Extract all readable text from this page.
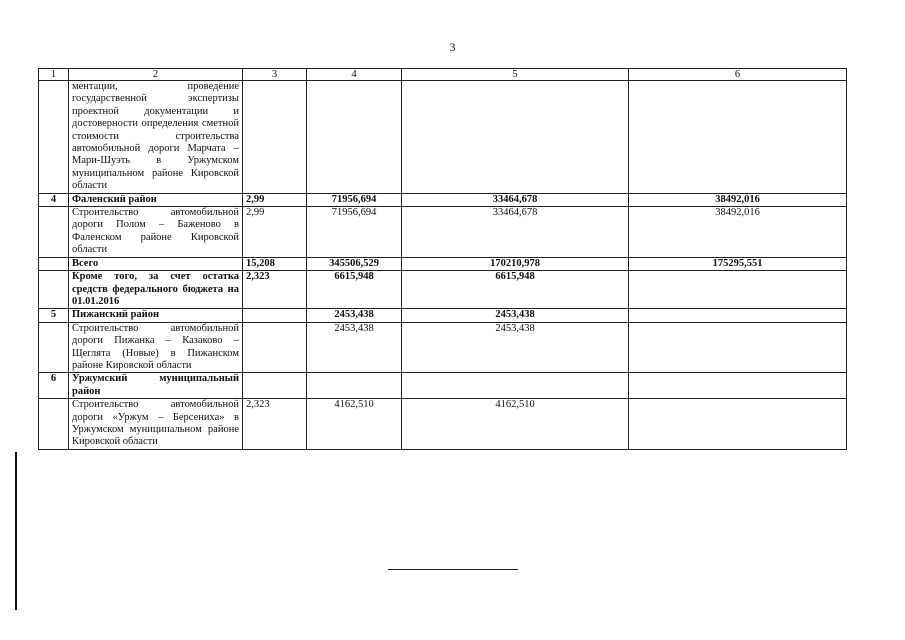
3
1	2	3	4	5	6
	ментации, проведение государственной экспертизы проектной документации и достоверности определения сметной стоимости строительства автомобильной дороги Марчата – Мари-Шуэть в Уржумском муниципальном районе Кировской области				
4	Фаленский район	2,99	71956,694	33464,678	38492,016
	Строительство автомобильной дороги Полом – Баженово в Фаленском районе Кировской области	2,99	71956,694	33464,678	38492,016
	Всего	15,208	345506,529	170210,978	175295,551
	Кроме того, за счет остатка средств федерального бюджета на 01.01.2016	2,323	6615,948	6615,948	
5	Пижанский район		2453,438	2453,438	
	Строительство автомобильной дороги Пижанка – Казаково – Щеглята (Новые) в Пижанском районе Кировской области		2453,438	2453,438	
6	Уржумский муниципальный район				
	Строительство автомобильной дороги «Уржум – Берсениха» в Уржумском муниципальном районе Кировской области	2,323	4162,510	4162,510	
